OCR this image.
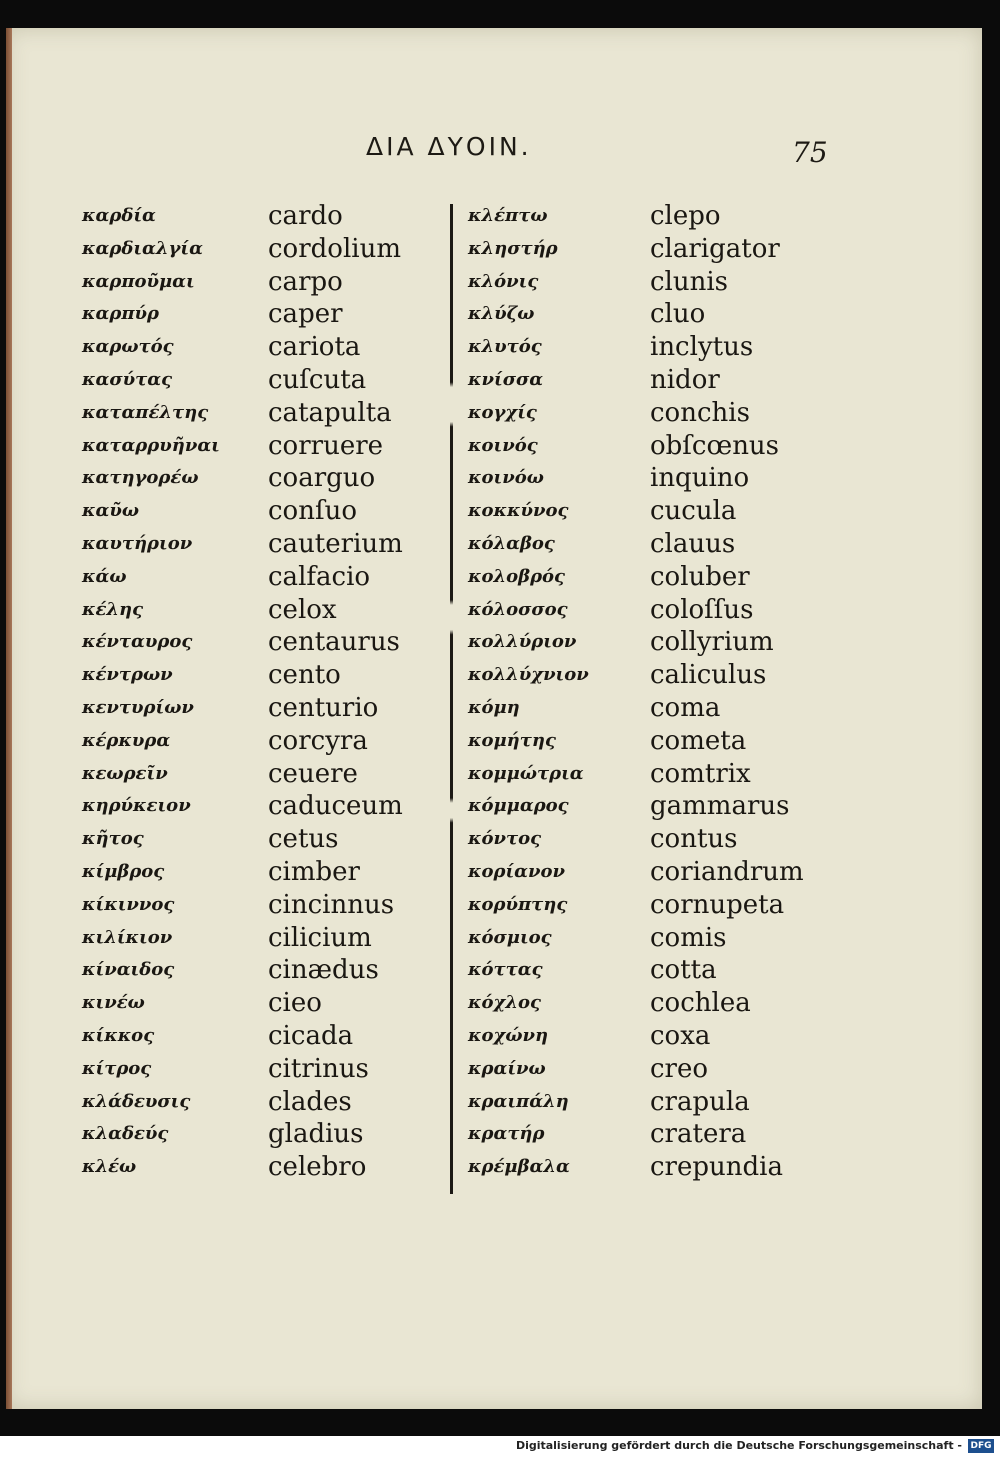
ΔΙΑ ΔΥΟΙΝ.	75
καρδία
καρδιαλγία
καρποῦμαι
καρπύρ
καρωτός
κασύτας
καταπέλτης
καταρρυῆναι
κατηγορέω
καῦω
καυτήριον
κάω
κέλης
κένταυρος
κέντρων
κεντυρίων
κέρκυρα
κεωρεῖν
κηρύκειον
κῆτος
κίμβρος
κίκιννος
κιλίκιον
κίναιδος
κινέω
κίκκος
κίτρος
κλάδευσις
κλαδεύς
κλέω
cardo
cordolium
carpo
caper
cariota
cuſcuta
catapulta
corruere
coarguo
conſuo
cauterium
calfacio
celox
centaurus
cento
centurio
corcyra
ceuere
caduceum
cetus
cimber
cincinnus
cilicium
cinædus
cieo
cicada
citrinus
clades
gladius
celebro
κλέπτω
κληστήρ
κλόνις
κλύζω
κλυτός
κνίσσα
κογχίς
κοινός
κοινόω
κοκκύνος
κόλαβος
κολοβρός
κόλοσσος
κολλύριον
κολλύχνιον
κόμη
κομήτης
κομμώτρια
κόμμαρος
κόντος
κορίανον
κορύπτης
κόσμιος
κόττας
κόχλος
κοχώνη
κραίνω
κραιπάλη
κρατήρ
κρέμβαλα
clepo
clarigator
clunis
cluo
inclytus
nidor
conchis
obſcœnus
inquino
cucula
clauus
coluber
coloſſus
collyrium
caliculus
coma
cometa
comtrix
gammarus
contus
coriandrum
cornupeta
comis
cotta
cochlea
coxa
creo
crapula
cratera
crepundia
Digitalisierung gefördert durch die Deutsche Forschungsgemeinschaft - DFG
